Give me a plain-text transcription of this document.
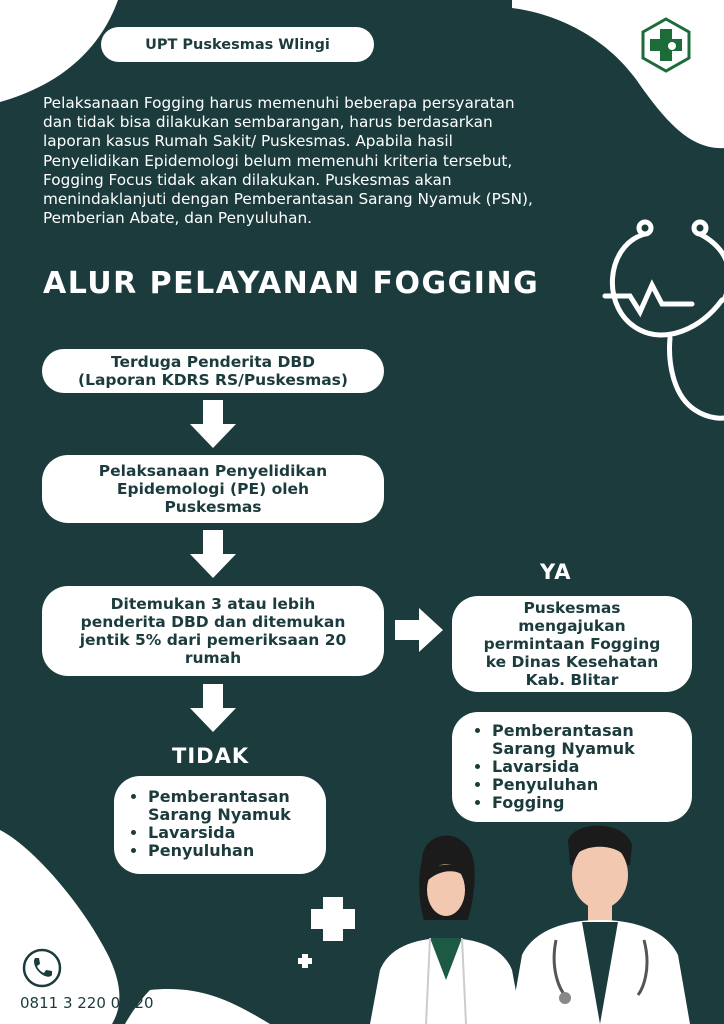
UPT Puskesmas Wlingi
Pelaksanaan Fogging harus memenuhi beberapa persyaratan dan tidak bisa dilakukan sembarangan, harus berdasarkan laporan kasus Rumah Sakit/ Puskesmas. Apabila hasil Penyelidikan Epidemologi belum memenuhi kriteria tersebut, Fogging Focus tidak akan dilakukan. Puskesmas akan menindaklanjuti dengan Pemberantasan Sarang Nyamuk (PSN), Pemberian Abate, dan Penyuluhan.
ALUR PELAYANAN FOGGING
Terduga Penderita DBD
(Laporan KDRS RS/Puskesmas)
Pelaksanaan Penyelidikan
Epidemologi (PE) oleh
Puskesmas
Ditemukan 3 atau lebih
penderita DBD dan ditemukan
jentik 5% dari pemeriksaan 20
rumah
YA
Puskesmas
mengajukan
permintaan Fogging
ke Dinas Kesehatan
Kab. Blitar
• Pemberantasan Sarang Nyamuk
• Lavarsida
• Penyuluhan
• Fogging
TIDAK
• Pemberantasan Sarang Nyamuk
• Lavarsida
• Penyuluhan
0811 3 220 0 220
